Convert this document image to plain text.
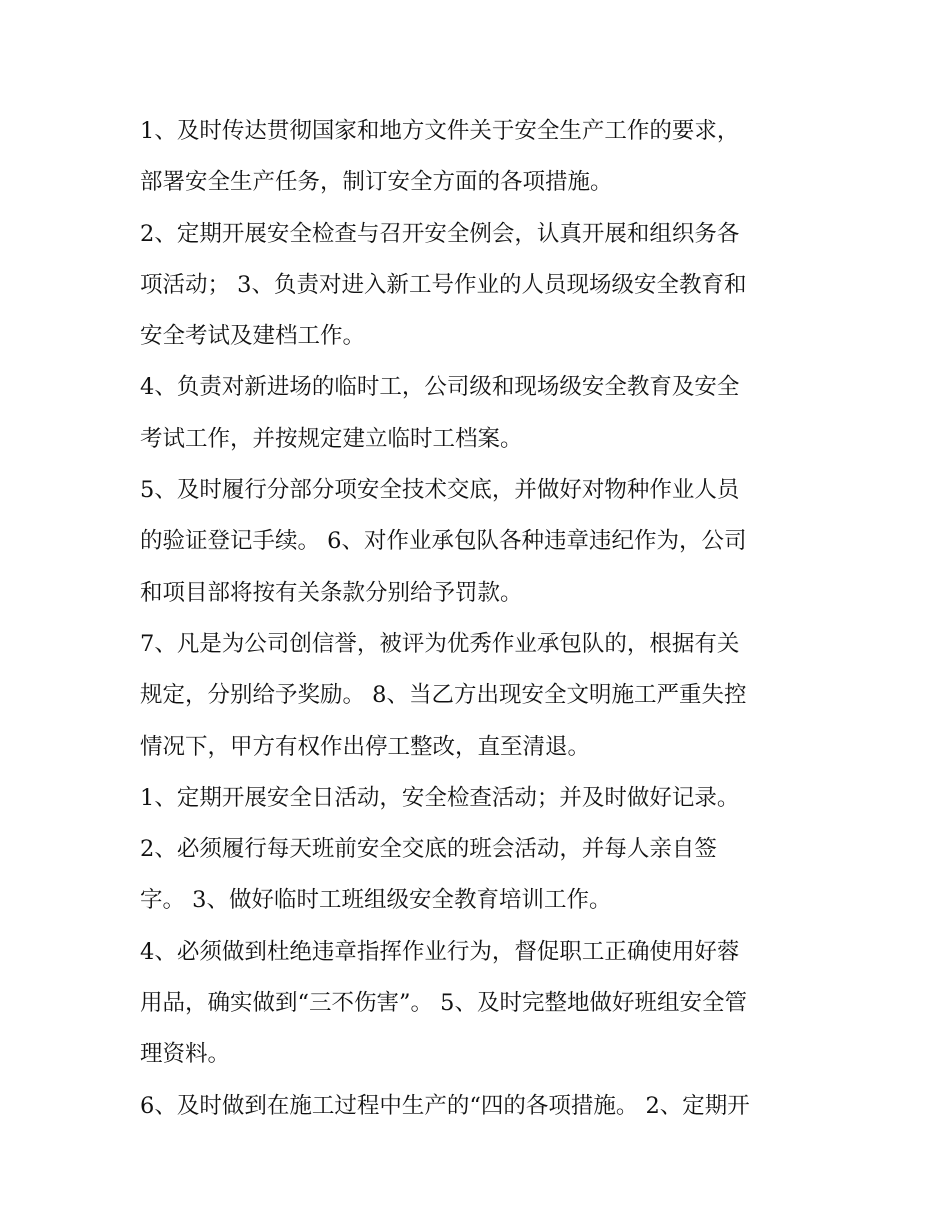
1、及时传达贯彻国家和地方文件关于安全生产工作的要求，
部署安全生产任务，制订安全方面的各项措施。
2、定期开展安全检查与召开安全例会，认真开展和组织务各
项活动； 3、负责对进入新工号作业的人员现场级安全教育和
安全考试及建档工作。
4、负责对新进场的临时工，公司级和现场级安全教育及安全
考试工作，并按规定建立临时工档案。
5、及时履行分部分项安全技术交底，并做好对物种作业人员
的验证登记手续。 6、对作业承包队各种违章违纪作为，公司
和项目部将按有关条款分别给予罚款。
7、凡是为公司创信誉，被评为优秀作业承包队的，根据有关
规定，分别给予奖励。 8、当乙方出现安全文明施工严重失控
情况下，甲方有权作出停工整改，直至清退。
1、定期开展安全日活动，安全检查活动；并及时做好记录。
2、必须履行每天班前安全交底的班会活动，并每人亲自签
字。 3、做好临时工班组级安全教育培训工作。
4、必须做到杜绝违章指挥作业行为，督促职工正确使用好蓉
用品，确实做到“三不伤害”。 5、及时完整地做好班组安全管
理资料。
6、及时做到在施工过程中生产的“四的各项措施。 2、定期开
